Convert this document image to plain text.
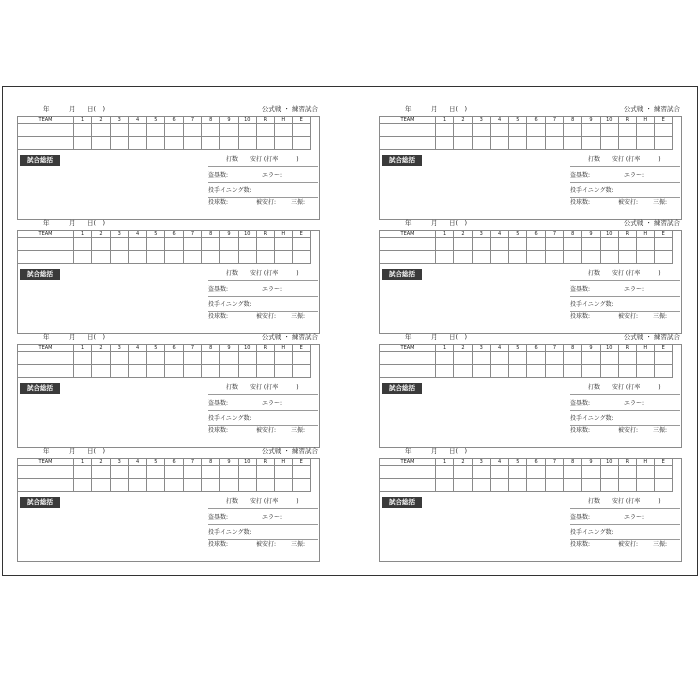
年	月 日(　)	公式戦 ・ 練習試合
TEAM	1	2	3	4	5	6	7	8	9	10	R	H	E

試合総括	打数 安打 (打率　　　)
盗塁数:	エラー:
投手イニング数:
投球数:	被安打: 三振:
年	月 日(　)	公式戦 ・ 練習試合
TEAM	1	2	3	4	5	6	7	8	9	10	R	H	E

試合総括	打数 安打 (打率　　　)
盗塁数:	エラー:
投手イニング数:
投球数:	被安打: 三振:
年	月 日(　)
TEAM	1	2	3	4	5	6	7	8	9	10	R	H	E

試合総括	打数 安打 (打率　　　)
盗塁数:	エラー:
投手イニング数:
投球数:	被安打: 三振:
年	月 日(　)	公式戦 ・ 練習試合
TEAM	1	2	3	4	5	6	7	8	9	10	R	H	E

試合総括	打数 安打 (打率　　　)
盗塁数:	エラー:
投手イニング数:
投球数:	被安打: 三振:
年	月 日(　)	公式戦 ・ 練習試合
TEAM	1	2	3	4	5	6	7	8	9	10	R	H	E

試合総括	打数 安打 (打率　　　)
盗塁数:	エラー:
投手イニング数:
投球数:	被安打: 三振:
年	月 日(　)	公式戦 ・ 練習試合
TEAM	1	2	3	4	5	6	7	8	9	10	R	H	E

試合総括	打数 安打 (打率　　　)
盗塁数:	エラー:
投手イニング数:
投球数:	被安打: 三振:
年	月 日(　)	公式戦 ・ 練習試合
TEAM	1	2	3	4	5	6	7	8	9	10	R	H	E

試合総括	打数 安打 (打率　　　)
盗塁数:	エラー:
投手イニング数:
投球数:	被安打: 三振:
年	月 日(　)
TEAM	1	2	3	4	5	6	7	8	9	10	R	H	E

試合総括	打数 安打 (打率　　　)
盗塁数:	エラー:
投手イニング数:
投球数:	被安打: 三振:
